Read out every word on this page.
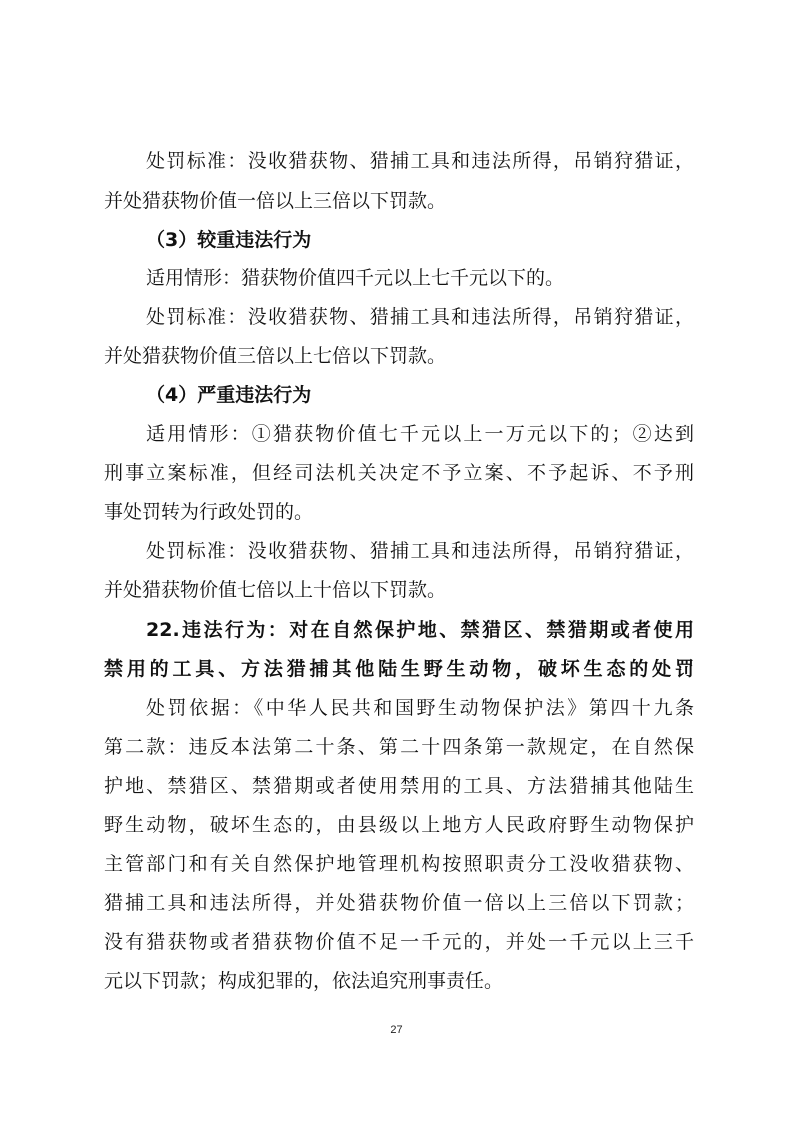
处罚标准：没收猎获物、猎捕工具和违法所得，吊销狩猎证，
并处猎获物价值一倍以上三倍以下罚款。
（3）较重违法行为
适用情形：猎获物价值四千元以上七千元以下的。
处罚标准：没收猎获物、猎捕工具和违法所得，吊销狩猎证，
并处猎获物价值三倍以上七倍以下罚款。
（4）严重违法行为
适用情形：①猎获物价值七千元以上一万元以下的；②达到
刑事立案标准，但经司法机关决定不予立案、不予起诉、不予刑
事处罚转为行政处罚的。
处罚标准：没收猎获物、猎捕工具和违法所得，吊销狩猎证，
并处猎获物价值七倍以上十倍以下罚款。
22.违法行为：对在自然保护地、禁猎区、禁猎期或者使用
禁用的工具、方法猎捕其他陆生野生动物，破坏生态的处罚
处罚依据：《中华人民共和国野生动物保护法》第四十九条
第二款：违反本法第二十条、第二十四条第一款规定，在自然保
护地、禁猎区、禁猎期或者使用禁用的工具、方法猎捕其他陆生
野生动物，破坏生态的，由县级以上地方人民政府野生动物保护
主管部门和有关自然保护地管理机构按照职责分工没收猎获物、
猎捕工具和违法所得，并处猎获物价值一倍以上三倍以下罚款；
没有猎获物或者猎获物价值不足一千元的，并处一千元以上三千
元以下罚款；构成犯罪的，依法追究刑事责任。
27
